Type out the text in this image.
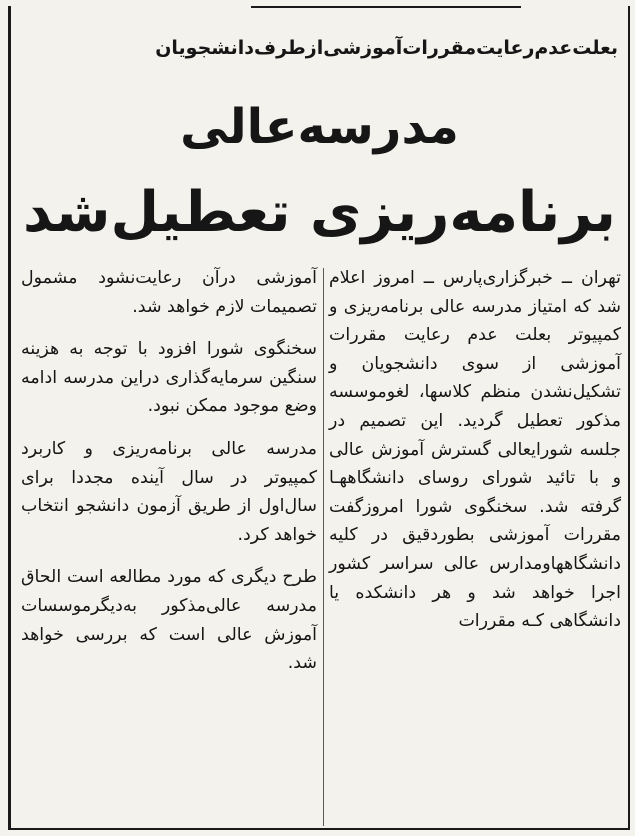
بعلت‌عدم‌رعایت‌مقررات‌آموزشی‌ازطرف‌دانشجویان
مدرسه‌عالی
برنامه‌ریزی تعطیل‌شد

تهران ــ خبرگزاری‌پارس ــ امروز اعلام شد که امتیاز مدرسه عالی برنامه‌ریزی و کمپیوتر بعلت عدم رعایت مقررات آموزشی از سوی دانشجویان و تشکیل‌نشدن منظم کلاسها، لغوموسسه مذکور تعطیل گردید. این تصمیم در جلسه شورایعالی گسترش آموزش عالی و با تائید شورای روسای دانشگاههـا گرفته شد. سخنگوی شورا امروزگفت مقررات آموزشی بطوردقیق در کلیه دانشگاهها‌ومدارس عالی سراسر کشور اجرا خواهد شد و هر دانشکده یا دانشگاهی کـه مقررات

آموزشی درآن رعایت‌نشود مشمول تصمیمات لازم خواهد شد.

سخنگوی شورا افزود با توجه به هزینه سنگین سرمایه‌گذاری دراین مدرسه ادامه وضع موجود ممکن نبود.

مدرسه عالی برنامه‌ریزی و کاربرد کمپیوتر در سال آینده مجددا برای سال‌اول از طریق آزمون دانشجو انتخاب خواهد کرد.

طرح دیگری که مورد مطالعه است الحاق مدرسه عالی‌مذکور به‌دیگرموسسات آموزش عالی است که بررسی خواهد شد.
